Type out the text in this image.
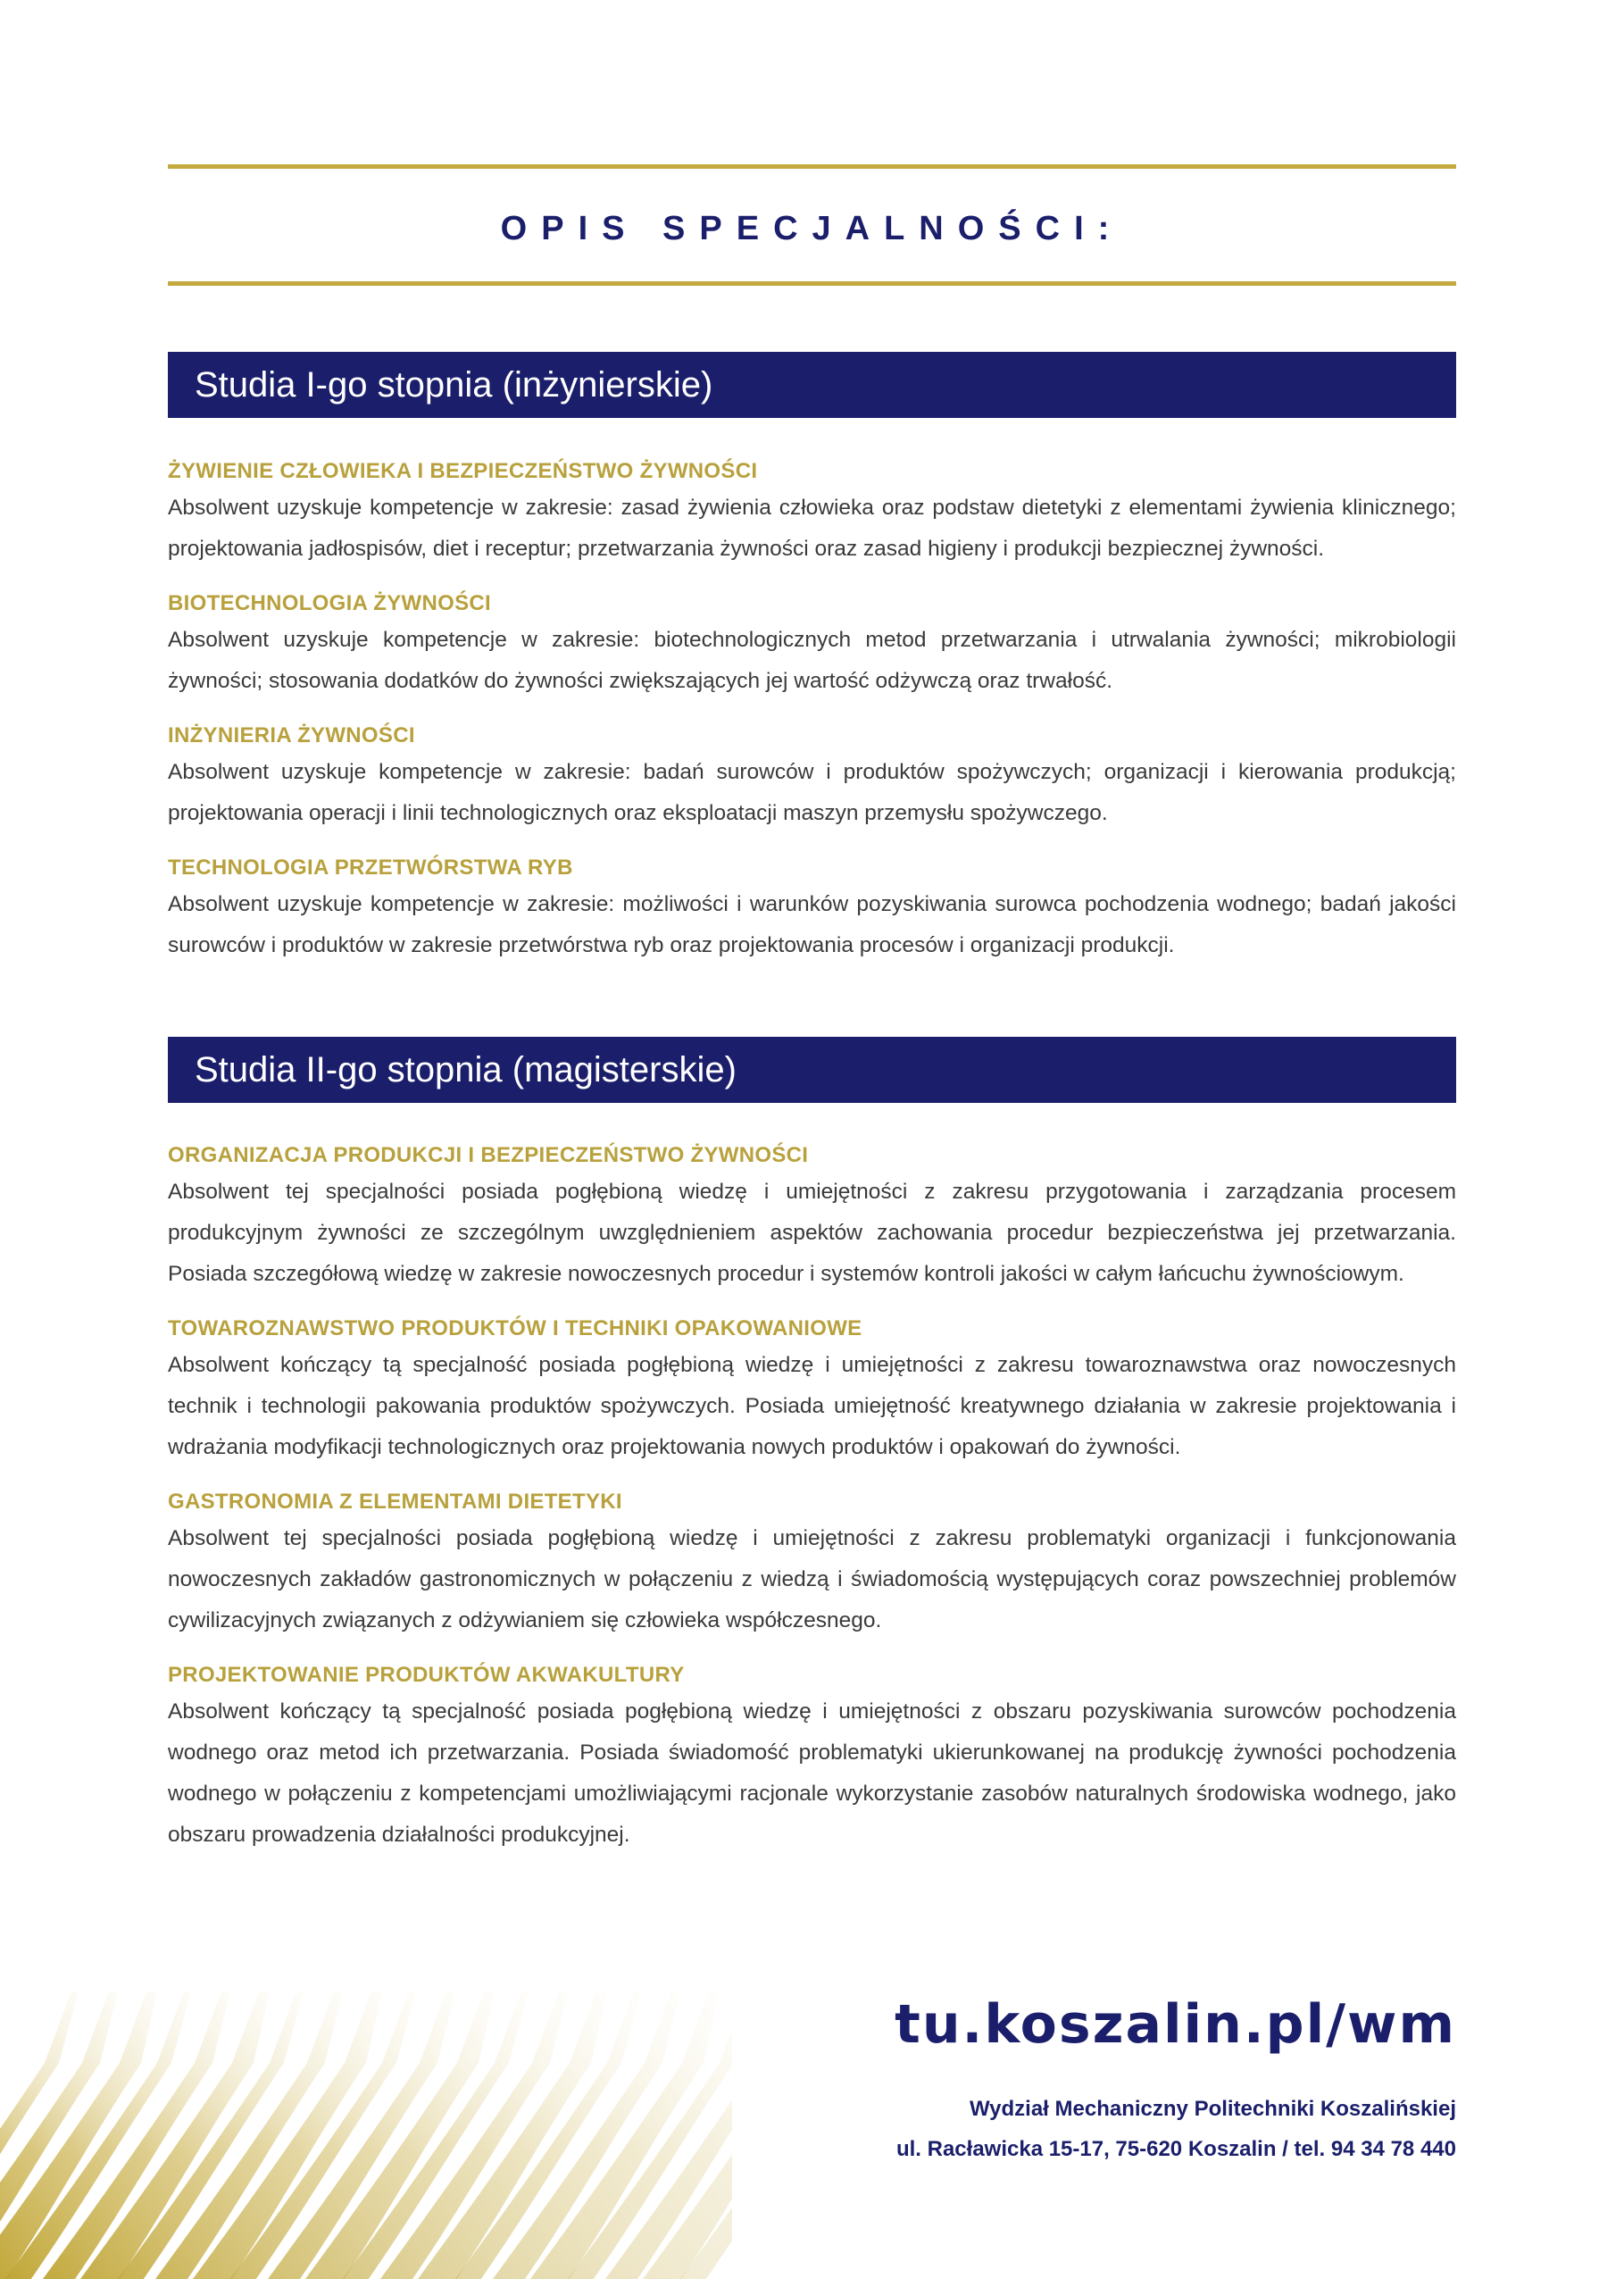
OPIS SPECJALNOŚCI:
Studia I-go stopnia (inżynierskie)

ŻYWIENIE CZŁOWIEKA I BEZPIECZEŃSTWO ŻYWNOŚCI

Absolwent uzyskuje kompetencje w zakresie: zasad żywienia człowieka oraz podstaw dietetyki z elementami żywienia klinicznego; projektowania jadłospisów, diet i receptur; przetwarzania żywności oraz zasad higieny i produkcji bezpiecznej żywności.

BIOTECHNOLOGIA ŻYWNOŚCI

Absolwent uzyskuje kompetencje w zakresie: biotechnologicznych metod przetwarzania i utrwalania żywności; mikrobiologii żywności; stosowania dodatków do żywności zwiększających jej wartość odżywczą oraz trwałość.

INŻYNIERIA ŻYWNOŚCI

Absolwent uzyskuje kompetencje w zakresie: badań surowców i produktów spożywczych; organizacji i kierowania produkcją; projektowania operacji i linii technologicznych oraz eksploatacji maszyn przemysłu spożywczego.

TECHNOLOGIA PRZETWÓRSTWA RYB

Absolwent uzyskuje kompetencje w zakresie: możliwości i warunków pozyskiwania surowca pochodzenia wodnego; badań jakości surowców i produktów w zakresie przetwórstwa ryb oraz projektowania procesów i organizacji produkcji.

Studia II-go stopnia (magisterskie)

ORGANIZACJA PRODUKCJI I BEZPIECZEŃSTWO ŻYWNOŚCI

Absolwent tej specjalności posiada pogłębioną wiedzę i umiejętności z zakresu przygotowania i zarządzania procesem produkcyjnym żywności ze szczególnym uwzględnieniem aspektów zachowania procedur bezpieczeństwa jej przetwarzania. Posiada szczegółową wiedzę w zakresie nowoczesnych procedur i systemów kontroli jakości w całym łańcuchu żywnościowym.

TOWAROZNAWSTWO PRODUKTÓW I TECHNIKI OPAKOWANIOWE

Absolwent kończący tą specjalność posiada pogłębioną wiedzę i umiejętności z zakresu towaroznawstwa oraz nowoczesnych technik i technologii pakowania produktów spożywczych. Posiada umiejętność kreatywnego działania w zakresie projektowania i wdrażania modyfikacji technologicznych oraz projektowania nowych produktów i opakowań do żywności.

GASTRONOMIA Z ELEMENTAMI DIETETYKI

Absolwent tej specjalności posiada pogłębioną wiedzę i umiejętności z zakresu problematyki organizacji i funkcjonowania nowoczesnych zakładów gastronomicznych w połączeniu z wiedzą i świadomością występujących coraz powszechniej problemów cywilizacyjnych związanych z odżywianiem się człowieka współczesnego.

PROJEKTOWANIE PRODUKTÓW AKWAKULTURY

Absolwent kończący tą specjalność posiada pogłębioną wiedzę i umiejętności z obszaru pozyskiwania surowców pochodzenia wodnego oraz metod ich przetwarzania. Posiada świadomość problematyki ukierunkowanej na produkcję żywności pochodzenia wodnego w połączeniu z kompetencjami umożliwiającymi racjonale wykorzystanie zasobów naturalnych środowiska wodnego, jako obszaru prowadzenia działalności produkcyjnej.

tu.koszalin.pl/wm
Wydział Mechaniczny Politechniki Koszalińskiej
ul. Racławicka 15-17, 75-620 Koszalin / tel. 94 34 78 440
